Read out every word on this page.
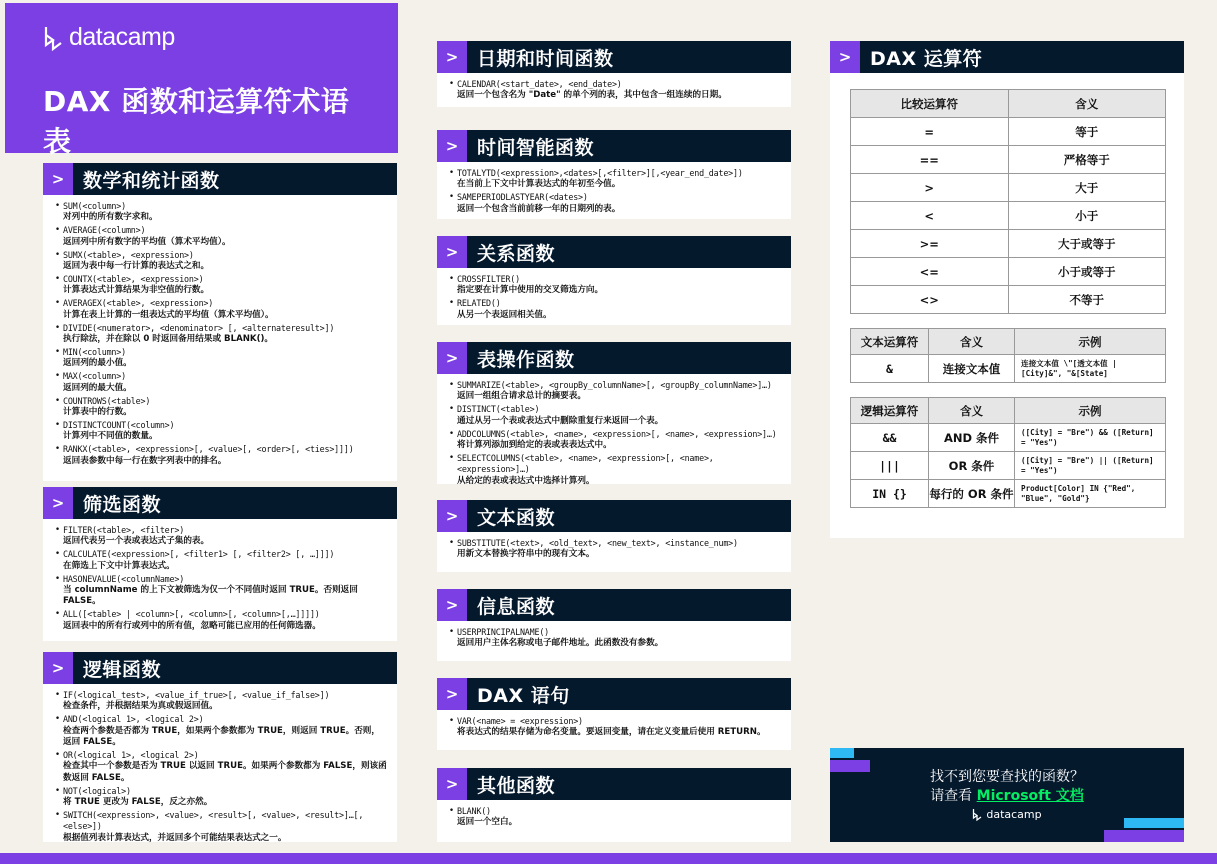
datacamp
DAX 函数和运算符术语表
> 数学和统计函数
• SUM(<column>)
对列中的所有数字求和。
• AVERAGE(<column>)
返回列中所有数字的平均值（算术平均值）。
• SUMX(<table>, <expression>)
返回为表中每一行计算的表达式之和。
• COUNTX(<table>, <expression>)
计算表达式计算结果为非空值的行数。
• AVERAGEX(<table>, <expression>)
计算在表上计算的一组表达式的平均值（算术平均值）。
• DIVIDE(<numerator>, <denominator> [, <alternateresult>])
执行除法，并在除以 0 时返回备用结果或 BLANK()。
• MIN(<column>)
返回列的最小值。
• MAX(<column>)
返回列的最大值。
• COUNTROWS(<table>)
计算表中的行数。
• DISTINCTCOUNT(<column>)
计算列中不同值的数量。
• RANKX(<table>, <expression>[, <value>[, <order>[, <ties>]]])
返回表参数中每一行在数字列表中的排名。
> 筛选函数
• FILTER(<table>, <filter>)
返回代表另一个表或表达式子集的表。
• CALCULATE(<expression>[, <filter1> [, <filter2> [, …]]])
在筛选上下文中计算表达式。
• HASONEVALUE(<columnName>)
当 columnName 的上下文被筛选为仅一个不同值时返回 TRUE。否则返回 FALSE。
• ALL([<table> | <column>[, <column>[, <column>[,…]]]])
返回表中的所有行或列中的所有值，忽略可能已应用的任何筛选器。
> 逻辑函数
• IF(<logical_test>, <value_if_true>[, <value_if_false>])
检查条件，并根据结果为真或假返回值。
• AND(<logical 1>, <logical 2>)
检查两个参数是否都为 TRUE，如果两个参数都为 TRUE，则返回 TRUE。否则，返回 FALSE。
• OR(<logical 1>, <logical 2>)
检查其中一个参数是否为 TRUE 以返回 TRUE。如果两个参数都为 FALSE，则该函数返回 FALSE。
• NOT(<logical>)
将 TRUE 更改为 FALSE，反之亦然。
• SWITCH(<expression>, <value>, <result>[, <value>, <result>]…[, <else>])
根据值列表计算表达式，并返回多个可能结果表达式之一。
> 日期和时间函数
• CALENDAR(<start_date>, <end_date>)
返回一个包含名为 "Date" 的单个列的表，其中包含一组连续的日期。
> 时间智能函数
• TOTALYTD(<expression>,<dates>[,<filter>][,<year_end_date>])
在当前上下文中计算表达式的年初至今值。
• SAMEPERIODLASTYEAR(<dates>)
返回一个包含当前前移一年的日期列的表。
> 关系函数
• CROSSFILTER()
指定要在计算中使用的交叉筛选方向。
• RELATED()
从另一个表返回相关值。
> 表操作函数
• SUMMARIZE(<table>, <groupBy_columnName>[, <groupBy_columnName>]…)
返回一组组合请求总计的摘要表。
• DISTINCT(<table>)
通过从另一个表或表达式中删除重复行来返回一个表。
• ADDCOLUMNS(<table>, <name>, <expression>[, <name>, <expression>]…)
将计算列添加到给定的表或表表达式中。
• SELECTCOLUMNS(<table>, <name>, <expression>[, <name>, <expression>]…)
从给定的表或表达式中选择计算列。
> 文本函数
• SUBSTITUTE(<text>, <old_text>, <new_text>, <instance_num>)
用新文本替换字符串中的现有文本。
> 信息函数
• USERPRINCIPALNAME()
返回用户主体名称或电子邮件地址。此函数没有参数。
> DAX 语句
• VAR(<name> = <expression>)
将表达式的结果存储为命名变量。要返回变量，请在定义变量后使用 RETURN。
> 其他函数
• BLANK()
返回一个空白。
> DAX 运算符
比较运算符	含义
=	等于
==	严格等于
>	大于
<	小于
>=	大于或等于
<=	小于或等于
<>	不等于
文本运算符	含义	示例
&	连接文本值	连接文本值 \"[透文本值 | [City]&", "&[State]
逻辑运算符	含义	示例
&&	AND 条件	([City] = "Bre") && ([Return] = "Yes")
|||	OR 条件	([City] = "Bre") || ([Return] = "Yes")
IN {}	每行的 OR 条件	Product[Color] IN {"Red", "Blue", "Gold"}
找不到您要查找的函数？
请查看 Microsoft 文档
datacamp
